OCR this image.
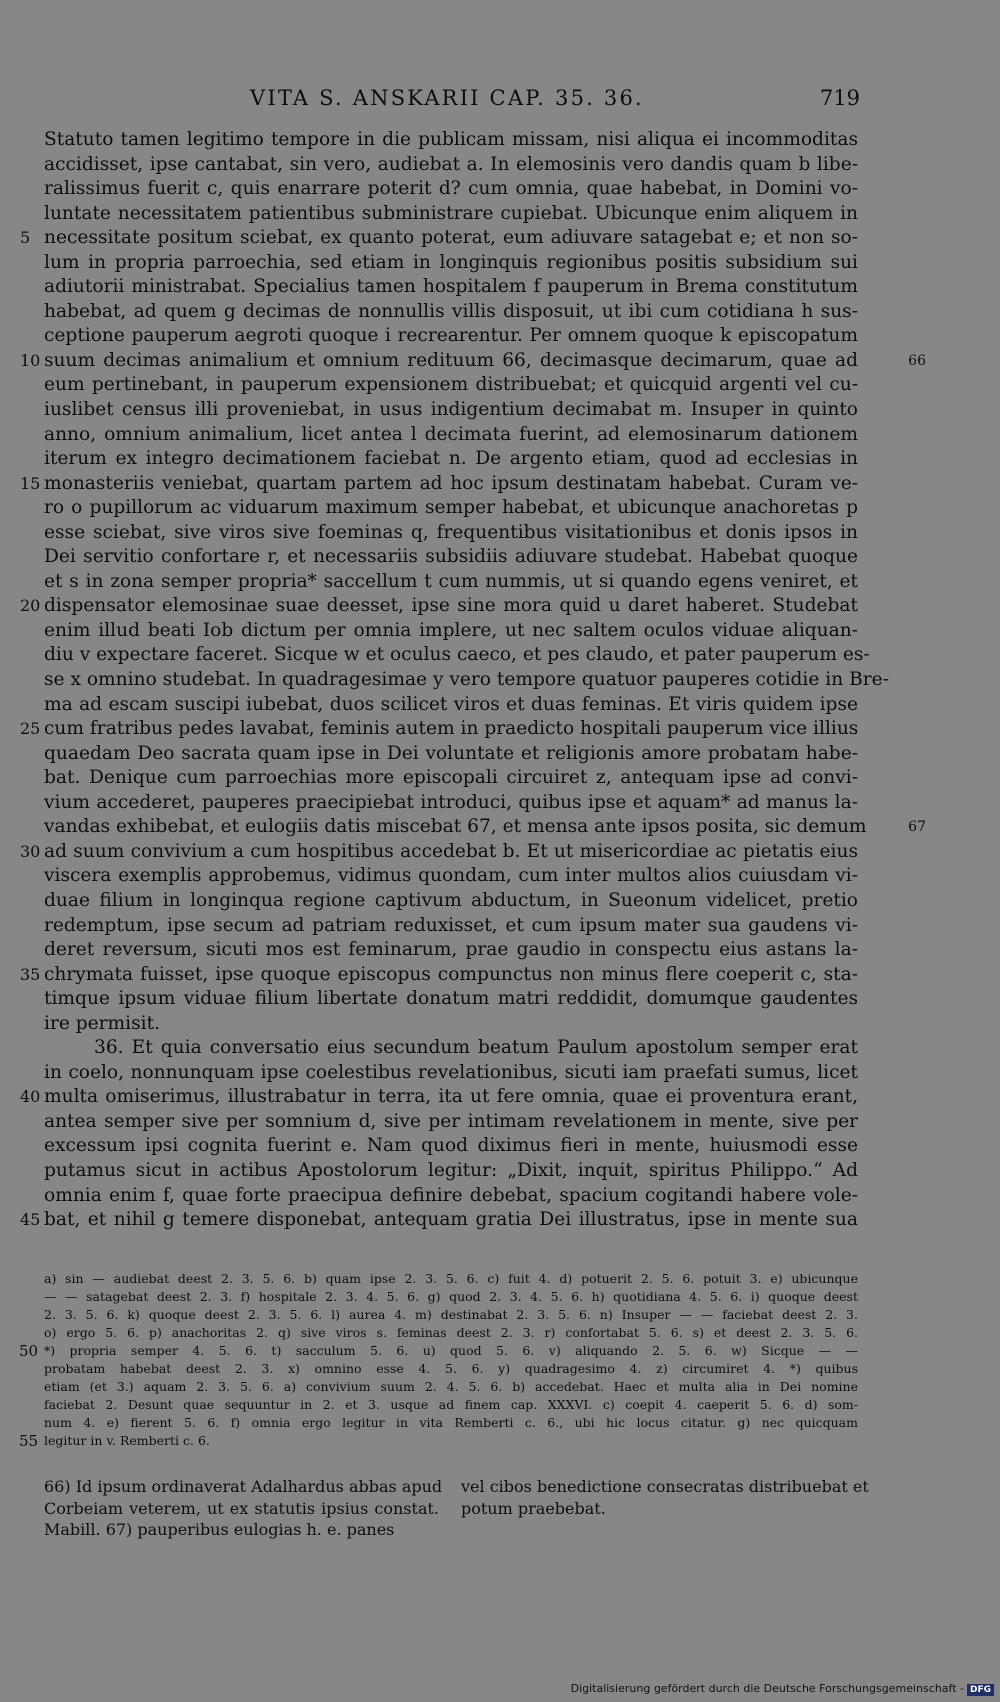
VITA S. ANSKARII CAP. 35. 36.	719
Statuto tamen legitimo tempore in die publicam missam, nisi aliqua ei incommoditas
accidisset, ipse cantabat, sin vero, audiebat a. In elemosinis vero dandis quam b libe-
ralissimus fuerit c, quis enarrare poterit d? cum omnia, quae habebat, in Domini vo-
luntate necessitatem patientibus subministrare cupiebat. Ubicunque enim aliquem in
necessitate positum sciebat, ex quanto poterat, eum adiuvare satagebat e; et non so-
5
lum in propria parroechia, sed etiam in longinquis regionibus positis subsidium sui
adiutorii ministrabat. Specialius tamen hospitalem f pauperum in Brema constitutum
habebat, ad quem g decimas de nonnullis villis disposuit, ut ibi cum cotidiana h sus-
ceptione pauperum aegroti quoque i recrearentur. Per omnem quoque k episcopatum
suum decimas animalium et omnium redituum 66, decimasque decimarum, quae ad
10	66
eum pertinebant, in pauperum expensionem distribuebat; et quicquid argenti vel cu-
iuslibet census illi proveniebat, in usus indigentium decimabat m. Insuper in quinto
anno, omnium animalium, licet antea l decimata fuerint, ad elemosinarum dationem
iterum ex integro decimationem faciebat n. De argento etiam, quod ad ecclesias in
monasteriis veniebat, quartam partem ad hoc ipsum destinatam habebat. Curam ve-
15
ro o pupillorum ac viduarum maximum semper habebat, et ubicunque anachoretas p
esse sciebat, sive viros sive foeminas q, frequentibus visitationibus et donis ipsos in
Dei servitio confortare r, et necessariis subsidiis adiuvare studebat. Habebat quoque
et s in zona semper propria* saccellum t cum nummis, ut si quando egens veniret, et
dispensator elemosinae suae deesset, ipse sine mora quid u daret haberet. Studebat
20
enim illud beati Iob dictum per omnia implere, ut nec saltem oculos viduae aliquan-
diu v expectare faceret. Sicque w et oculus caeco, et pes claudo, et pater pauperum es-
se x omnino studebat. In quadragesimae y vero tempore quatuor pauperes cotidie in Bre-
ma ad escam suscipi iubebat, duos scilicet viros et duas feminas. Et viris quidem ipse
cum fratribus pedes lavabat, feminis autem in praedicto hospitali pauperum vice illius
25
quaedam Deo sacrata quam ipse in Dei voluntate et religionis amore probatam habe-
bat. Denique cum parroechias more episcopali circuiret z, antequam ipse ad convi-
vium accederet, pauperes praecipiebat introduci, quibus ipse et aquam* ad manus la-
vandas exhibebat, et eulogiis datis miscebat 67, et mensa ante ipsos posita, sic demum	67
ad suum convivium a cum hospitibus accedebat b. Et ut misericordiae ac pietatis eius
30
viscera exemplis approbemus, vidimus quondam, cum inter multos alios cuiusdam vi-
duae filium in longinqua regione captivum abductum, in Sueonum videlicet, pretio
redemptum, ipse secum ad patriam reduxisset, et cum ipsum mater sua gaudens vi-
deret reversum, sicuti mos est feminarum, prae gaudio in conspectu eius astans la-
chrymata fuisset, ipse quoque episcopus compunctus non minus flere coeperit c, sta-
35
timque ipsum viduae filium libertate donatum matri reddidit, domumque gaudentes
ire permisit.
36. Et quia conversatio eius secundum beatum Paulum apostolum semper erat
in coelo, nonnunquam ipse coelestibus revelationibus, sicuti iam praefati sumus, licet
multa omiserimus, illustrabatur in terra, ita ut fere omnia, quae ei proventura erant,
40
antea semper sive per somnium d, sive per intimam revelationem in mente, sive per
excessum ipsi cognita fuerint e. Nam quod diximus fieri in mente, huiusmodi esse
putamus sicut in actibus Apostolorum legitur: „Dixit, inquit, spiritus Philippo.“ Ad
omnia enim f, quae forte praecipua definire debebat, spacium cogitandi habere vole-
bat, et nihil g temere disponebat, antequam gratia Dei illustratus, ipse in mente sua
45
a) sin — audiebat deest 2. 3. 5. 6. b) quam ipse 2. 3. 5. 6. c) fuit 4. d) potuerit 2. 5. 6. potuit 3. e) ubicunque
— — satagebat deest 2. 3. f) hospitale 2. 3. 4. 5. 6. g) quod 2. 3. 4. 5. 6. h) quotidiana 4. 5. 6. i) quoque deest
2. 3. 5. 6. k) quoque deest 2. 3. 5. 6. l) aurea 4. m) destinabat 2. 3. 5. 6. n) Insuper — — faciebat deest 2. 3.
o) ergo 5. 6. p) anachoritas 2. q) sive viros s. feminas deest 2. 3. r) confortabat 5. 6. s) et deest 2. 3. 5. 6.
*) propria semper 4. 5. 6. t) sacculum 5. 6. u) quod 5. 6. v) aliquando 2. 5. 6. w) Sicque — —
50
probatam habebat deest 2. 3. x) omnino esse 4. 5. 6. y) quadragesimo 4. z) circumiret 4. *) quibus
etiam (et 3.) aquam 2. 3. 5. 6. a) convivium suum 2. 4. 5. 6. b) accedebat. Haec et multa alia in Dei nomine
faciebat 2. Desunt quae sequuntur in 2. et 3. usque ad finem cap. XXXVI. c) coepit 4. caeperit 5. 6. d) som-
num 4. e) fierent 5. 6. f) omnia ergo legitur in vita Remberti c. 6., ubi hic locus citatur. g) nec quicquam
legitur in v. Remberti c. 6.
55
66) Id ipsum ordinaverat Adalhardus abbas apud
Corbeiam veterem, ut ex statutis ipsius constat.
Mabill. 67) pauperibus eulogias h. e. panes
vel cibos benedictione consecratas distribuebat et
potum praebebat.
Digitalisierung gefördert durch die Deutsche Forschungsgemeinschaft - DFG
